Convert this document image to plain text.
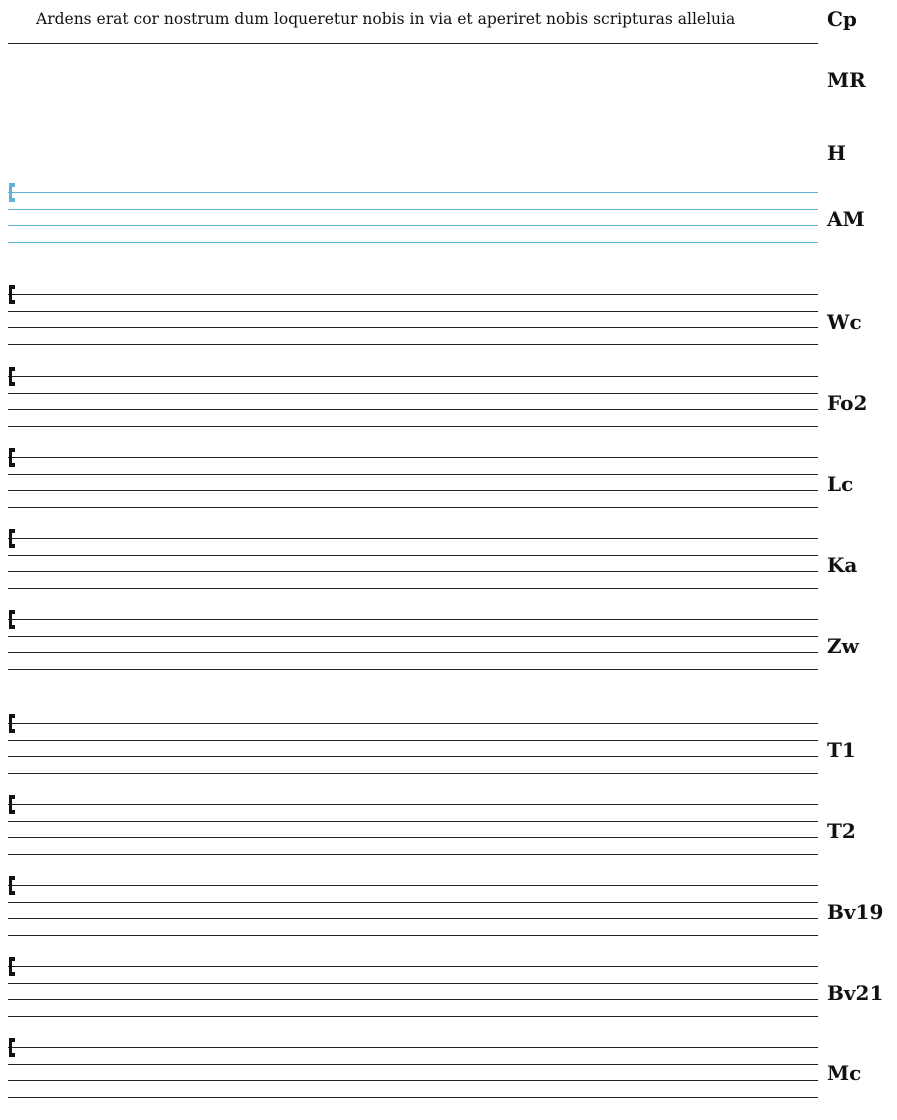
Ardens erat cor nostrum dum loqueretur nobis in via et aperiret nobis scripturas alleluia	Cp
MR
H
AM
Wc
Fo2
Lc
Ka
Zw
T1
T2
Bv19
Bv21
Mc
